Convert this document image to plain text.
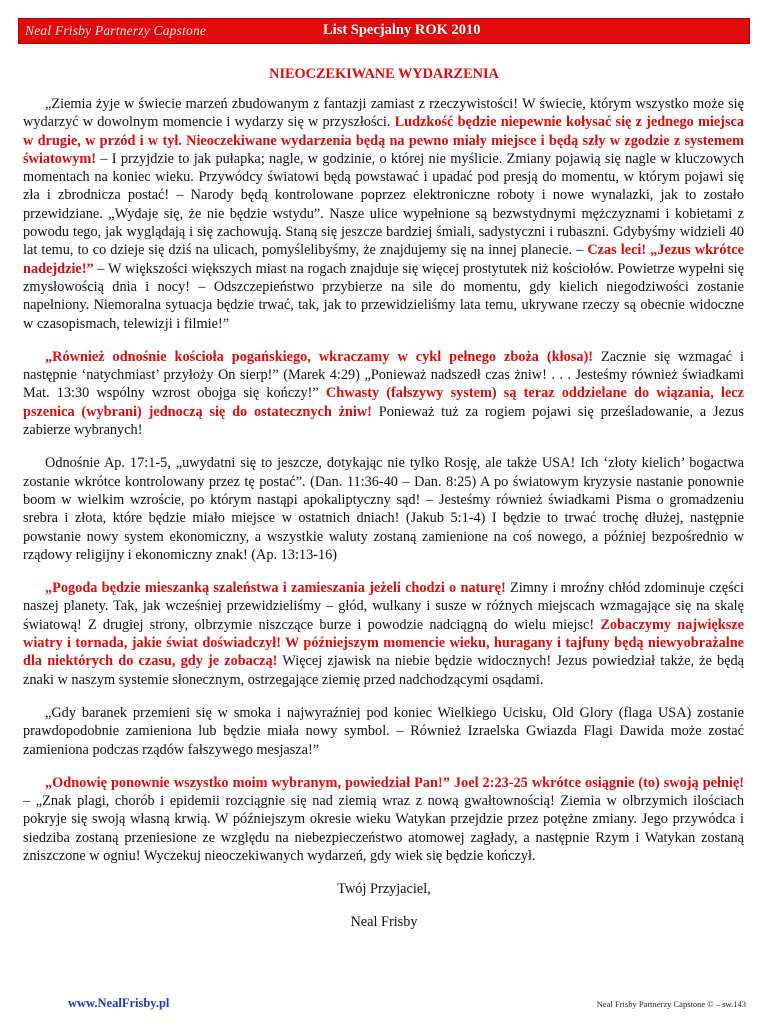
Neal Frisby Partnerzy Capstone	List Specjalny ROK 2010
NIEOCZEKIWANE WYDARZENIA

„Ziemia żyje w świecie marzeń zbudowanym z fantazji zamiast z rzeczywistości! W świecie, którym wszystko może się wydarzyć w dowolnym momencie i wydarzy się w przyszłości. Ludzkość będzie niepewnie kołysać się z jednego miejsca w drugie, w przód i w tył. Nieoczekiwane wydarzenia będą na pewno miały miejsce i będą szły w zgodzie z systemem światowym! – I przyjdzie to jak pułapka; nagle, w godzinie, o której nie myślicie. Zmiany pojawią się nagle w kluczowych momentach na koniec wieku. Przywódcy światowi będą powstawać i upadać pod presją do momentu, w którym pojawi się zła i zbrodnicza postać! – Narody będą kontrolowane poprzez elektroniczne roboty i nowe wynalazki, jak to zostało przewidziane. „Wydaje się, że nie będzie wstydu”. Nasze ulice wypełnione są bezwstydnymi mężczyznami i kobietami z powodu tego, jak wyglądają i się zachowują. Staną się jeszcze bardziej śmiali, sadystyczni i rubaszni. Gdybyśmy widzieli 40 lat temu, to co dzieje się dziś na ulicach, pomyślelibyśmy, że znajdujemy się na innej planecie. – Czas leci! „Jezus wkrótce nadejdzie!” – W większości większych miast na rogach znajduje się więcej prostytutek niż kościołów. Powietrze wypełni się zmysłowością dnia i nocy! – Odszczepieństwo przybierze na sile do momentu, gdy kielich niegodziwości zostanie napełniony. Niemoralna sytuacja będzie trwać, tak, jak to przewidzieliśmy lata temu, ukrywane rzeczy są obecnie widoczne w czasopismach, telewizji i filmie!”

„Również odnośnie kościoła pogańskiego, wkraczamy w cykl pełnego zboża (kłosa)! Zacznie się wzmagać i następnie ‘natychmiast’ przyłoży On sierp!” (Marek 4:29) „Ponieważ nadszedł czas żniw! . . . Jesteśmy również świadkami Mat. 13:30 wspólny wzrost obojga się kończy!” Chwasty (fałszywy system) są teraz oddzielane do wiązania, lecz pszenica (wybrani) jednoczą się do ostatecznych żniw! Ponieważ tuż za rogiem pojawi się prześladowanie, a Jezus zabierze wybranych!

Odnośnie Ap. 17:1-5, „uwydatni się to jeszcze, dotykając nie tylko Rosję, ale także USA! Ich ‘złoty kielich’ bogactwa zostanie wkrótce kontrolowany przez tę postać”. (Dan. 11:36-40 – Dan. 8:25) A po światowym kryzysie nastanie ponownie boom w wielkim wzroście, po którym nastąpi apokaliptyczny sąd! – Jesteśmy również świadkami Pisma o gromadzeniu srebra i złota, które będzie miało miejsce w ostatnich dniach! (Jakub 5:1-4) I będzie to trwać trochę dłużej, następnie powstanie nowy system ekonomiczny, a wszystkie waluty zostaną zamienione na coś nowego, a później bezpośrednio w rządowy religijny i ekonomiczny znak! (Ap. 13:13-16)

„Pogoda będzie mieszanką szaleństwa i zamieszania jeżeli chodzi o naturę! Zimny i mroźny chłód zdominuje części naszej planety. Tak, jak wcześniej przewidzieliśmy – głód, wulkany i susze w różnych miejscach wzmagające się na skalę światową! Z drugiej strony, olbrzymie niszczące burze i powodzie nadciągną do wielu miejsc! Zobaczymy największe wiatry i tornada, jakie świat doświadczył! W późniejszym momencie wieku, huragany i tajfuny będą niewyobrażalne dla niektórych do czasu, gdy je zobaczą! Więcej zjawisk na niebie będzie widocznych! Jezus powiedział także, że będą znaki w naszym systemie słonecznym, ostrzegające ziemię przed nadchodzącymi osądami.

„Gdy baranek przemieni się w smoka i najwyraźniej pod koniec Wielkiego Ucisku, Old Glory (flaga USA) zostanie prawdopodobnie zamieniona lub będzie miała nowy symbol. – Również Izraelska Gwiazda Flagi Dawida może zostać zamieniona podczas rządów fałszywego mesjasza!”

„Odnowię ponownie wszystko moim wybranym, powiedział Pan!” Joel 2:23-25 wkrótce osiągnie (to) swoją pełnię! – „Znak plagi, chorób i epidemii rozciągnie się nad ziemią wraz z nową gwałtownością! Ziemia w olbrzymich ilościach pokryje się swoją własną krwią. W późniejszym okresie wieku Watykan przejdzie przez potężne zmiany. Jego przywódca i siedziba zostaną przeniesione ze względu na niebezpieczeństwo atomowej zagłady, a następnie Rzym i Watykan zostaną zniszczone w ogniu! Wyczekuj nieoczekiwanych wydarzeń, gdy wiek się będzie kończył.

Twój Przyjaciel,

Neal Frisby

www.NealFrisby.pl	Neal Frisby Partnerzy Capstone © – sw.143
